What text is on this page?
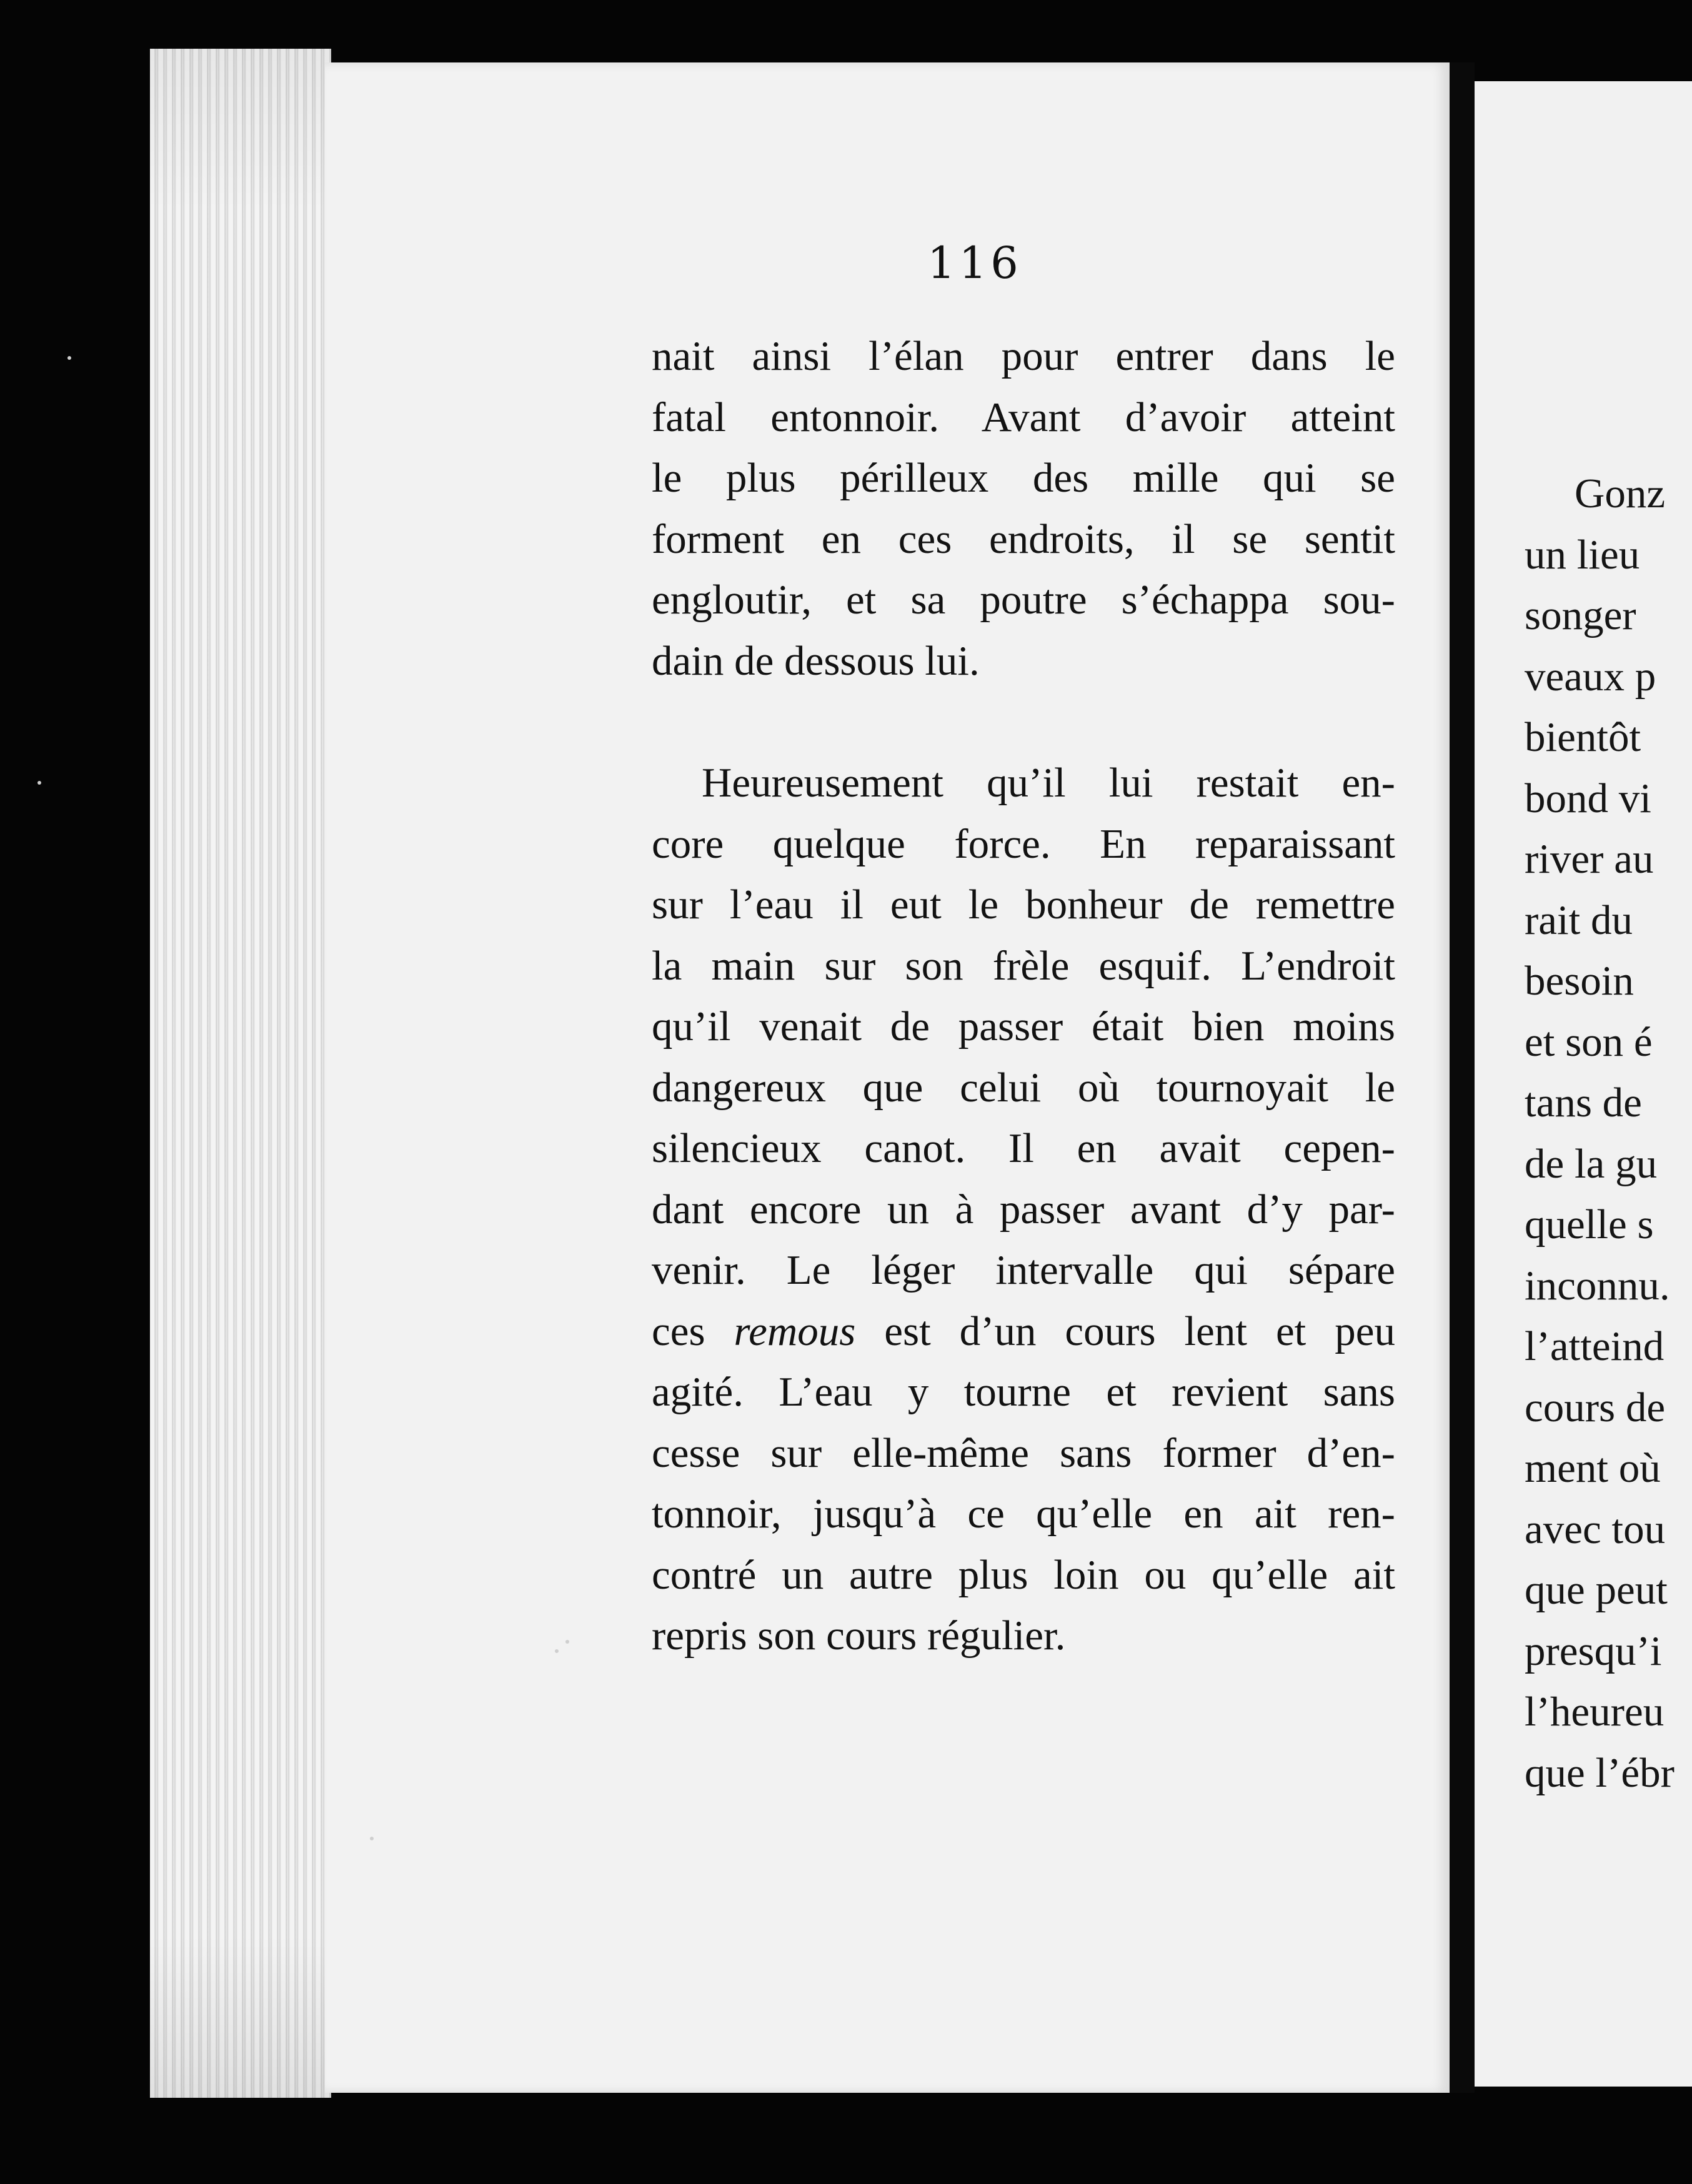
116
nait ainsi l’élan pour entrer dans le
fatal entonnoir. Avant d’avoir atteint
le plus périlleux des mille qui se
forment en ces endroits, il se sentit
engloutir, et sa poutre s’échappa sou-
dain de dessous lui.
Heureusement qu’il lui restait en-
core quelque force. En reparaissant
sur l’eau il eut le bonheur de remettre
la main sur son frèle esquif. L’endroit
qu’il venait de passer était bien moins
dangereux que celui où tournoyait le
silencieux canot. Il en avait cepen-
dant encore un à passer avant d’y par-
venir. Le léger intervalle qui sépare
ces remous est d’un cours lent et peu
agité. L’eau y tourne et revient sans
cesse sur elle-même sans former d’en-
tonnoir, jusqu’à ce qu’elle en ait ren-
contré un autre plus loin ou qu’elle ait
repris son cours régulier.
Gonz
un lieu
songer
veaux p
bientôt
bond vi
river au
rait du
besoin
et son é
tans de
de la gu
quelle s
inconnu.
l’atteind
cours de
ment où
avec tou
que peut
presqu’i
l’heureu
que l’ébr
